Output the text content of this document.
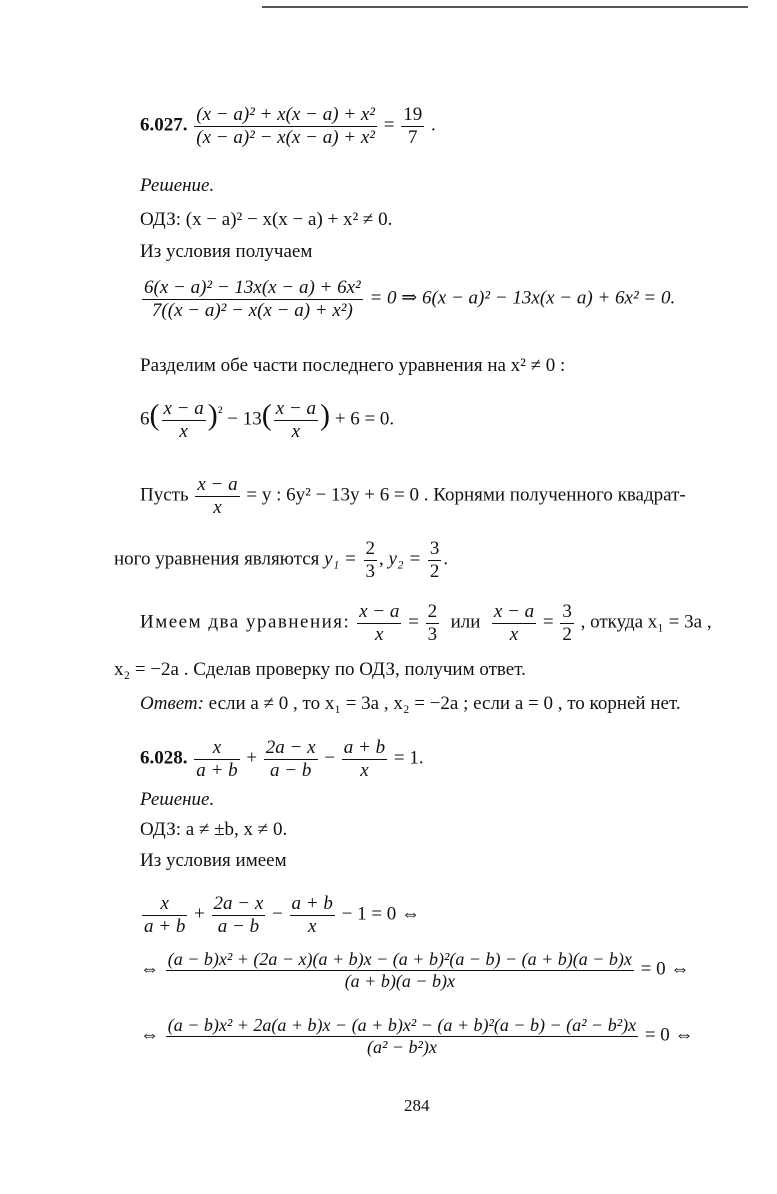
6.027. $\frac{\text{(x − a)² + x(x − a) + x²}}{\text{(x − a)² − x(x − a) + x²}} = \frac{19}{7}$ .
Решение.
ОДЗ: (x − a)² − x(x − a) + x² ≠ 0.
Из условия получаем
$\frac{\text{6(x − a)² − 13x(x − a) + 6x²}}{\text{7((x − a)² − x(x − a) + x²)}} = 0$ ⇒ 6(x − a)² − 13x(x − a) + 6x² = 0.
Разделим обе части последнего уравнения на x² ≠ 0 :
$6( \frac{x - a}{x} )^{^2} - 13( \frac{x - a}{x}$ ) + 6 = 0.
Пусть $\frac{x - a}{x} = y$ : 6y² − 13y + 6 = 0 . Корнями полученного квадрат-
ного уравнения являются $y_1 = \frac{2}{3}$ , $y_2 = \frac{3}{2}$ .
Имеем два уравнения: $\frac{x - a}{x} = \frac{2}{3}$ или $\frac{x - a}{x} = \frac{3}{2}$ , откуда x₁ = 3a ,
x₂ = −2a . Сделав проверку по ОДЗ, получим ответ.
Ответ: если a ≠ 0 , то x₁ = 3a , x₂ = −2a ; если a = 0 , то корней нет.
6.028. $\frac{x}{a + b} + \frac{2a - x}{a - b} - \frac{a + b}{x} = 1$.
Решение.
ОДЗ: a ≠ ±b, x ≠ 0.
Из условия имеем
$\frac{x}{a + b} + \frac{2a - x}{a - b} - \frac{a + b}{x} - 1 = 0$ ⇔
⇔ (a − b)x² + (2a − x)(a + b)x − (a + b)²(a − b) − (a + b)(a − b)x
(a + b)(a − b)x
= 0 ⇔
⇔ (a − b)x² + 2a(a + b)x − (a + b)x² − (a + b)²(a − b) − (a² − b²)x
(a² − b²)x
= 0 ⇔
284
